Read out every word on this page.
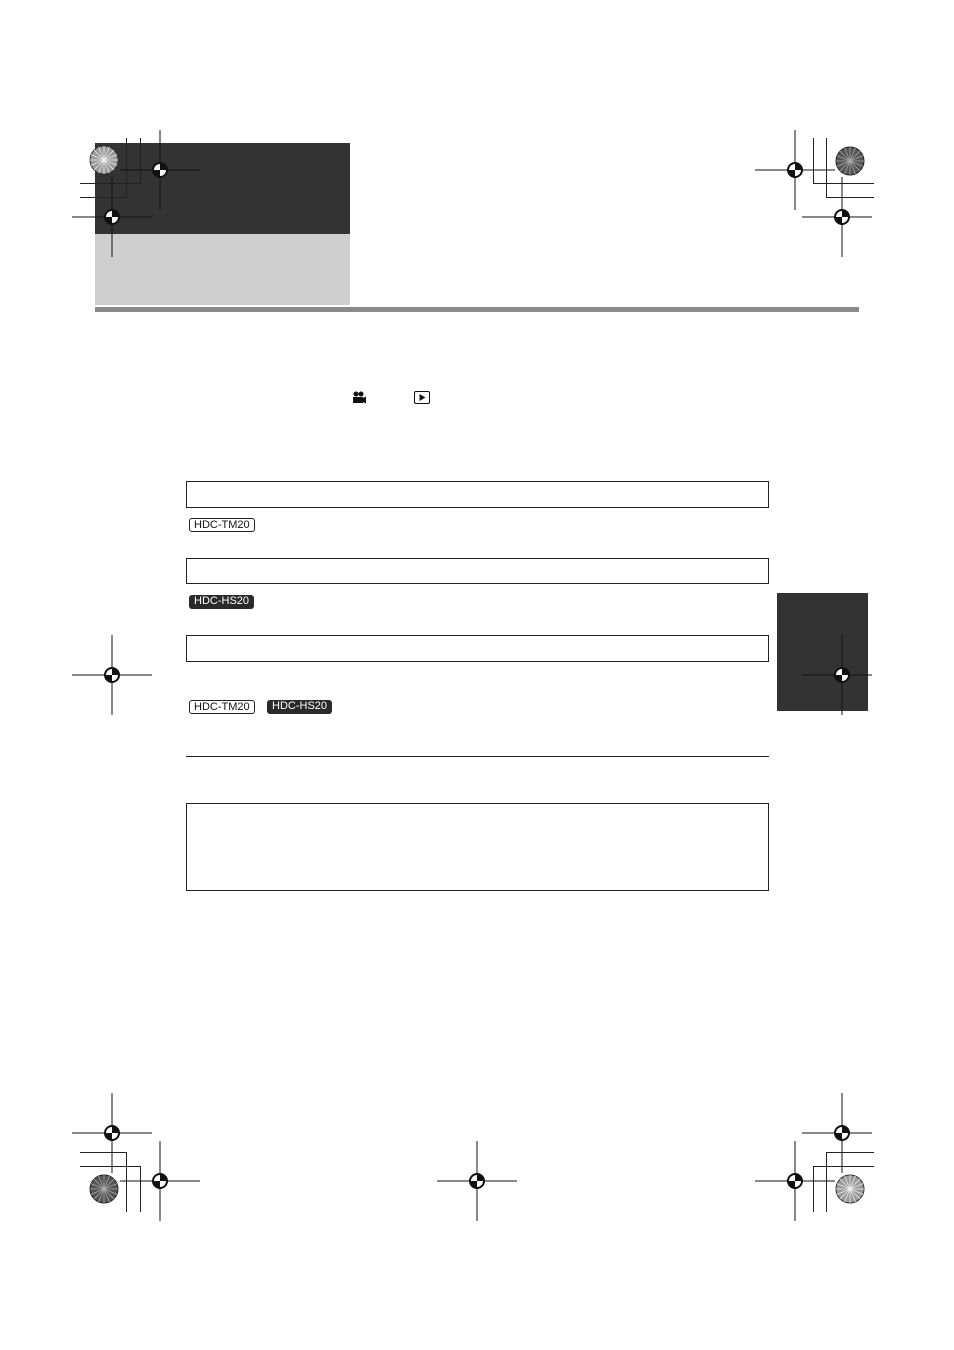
HDC-TM20
HDC-HS20
HDC-TM20	HDC-HS20
